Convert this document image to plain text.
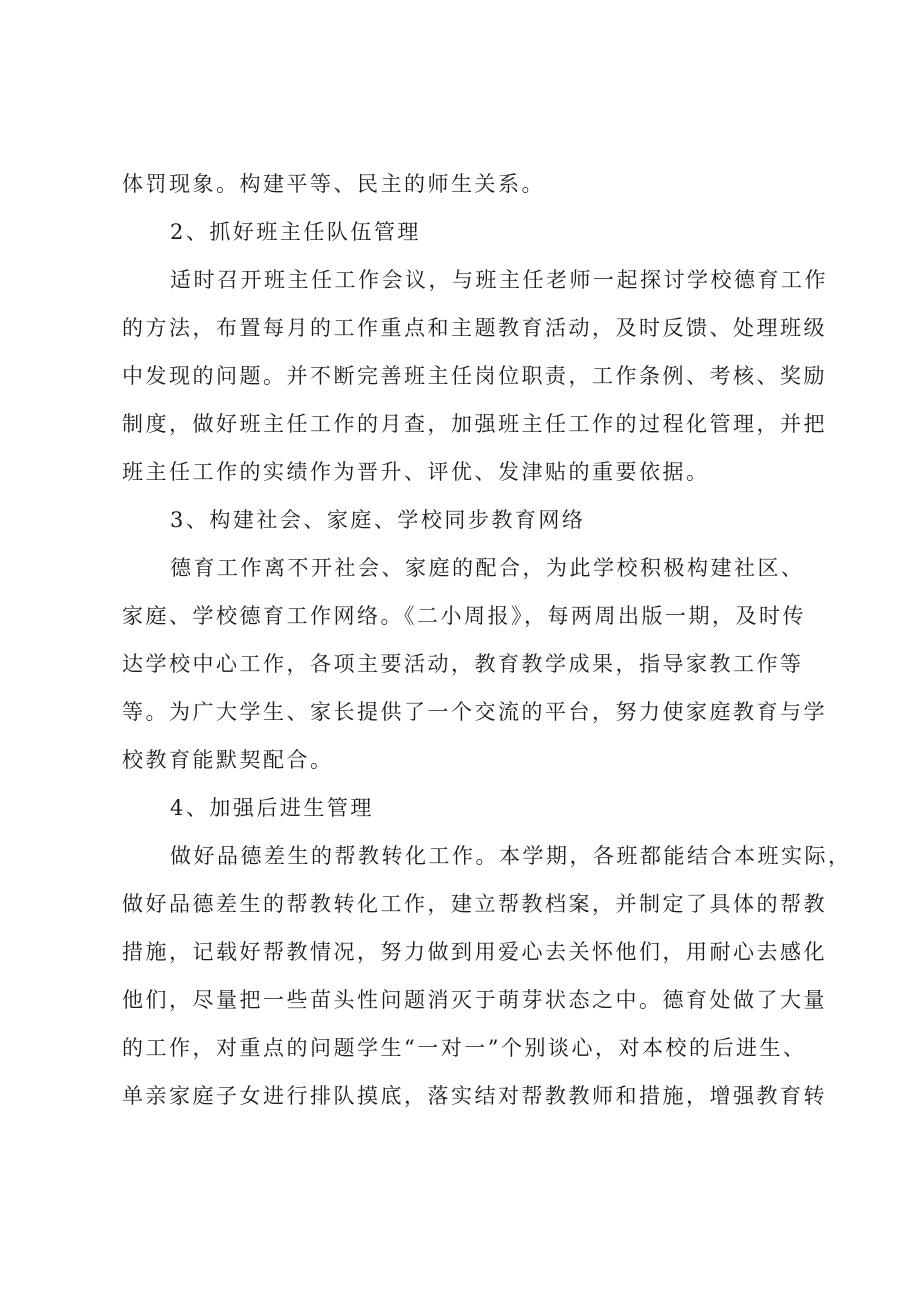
体罚现象。构建平等、民主的师生关系。
2、抓好班主任队伍管理
适时召开班主任工作会议，与班主任老师一起探讨学校德育工作
的方法，布置每月的工作重点和主题教育活动，及时反馈、处理班级
中发现的问题。并不断完善班主任岗位职责，工作条例、考核、奖励
制度，做好班主任工作的月查，加强班主任工作的过程化管理，并把
班主任工作的实绩作为晋升、评优、发津贴的重要依据。
3、构建社会、家庭、学校同步教育网络
德育工作离不开社会、家庭的配合，为此学校积极构建社区、
家庭、学校德育工作网络。《二小周报》，每两周出版一期，及时传
达学校中心工作，各项主要活动，教育教学成果，指导家教工作等
等。为广大学生、家长提供了一个交流的平台，努力使家庭教育与学
校教育能默契配合。
4、加强后进生管理
做好品德差生的帮教转化工作。本学期，各班都能结合本班实际，
做好品德差生的帮教转化工作，建立帮教档案，并制定了具体的帮教
措施，记载好帮教情况，努力做到用爱心去关怀他们，用耐心去感化
他们，尽量把一些苗头性问题消灭于萌芽状态之中。德育处做了大量
的工作，对重点的问题学生“一对一”个别谈心，对本校的后进生、
单亲家庭子女进行排队摸底，落实结对帮教教师和措施，增强教育转
